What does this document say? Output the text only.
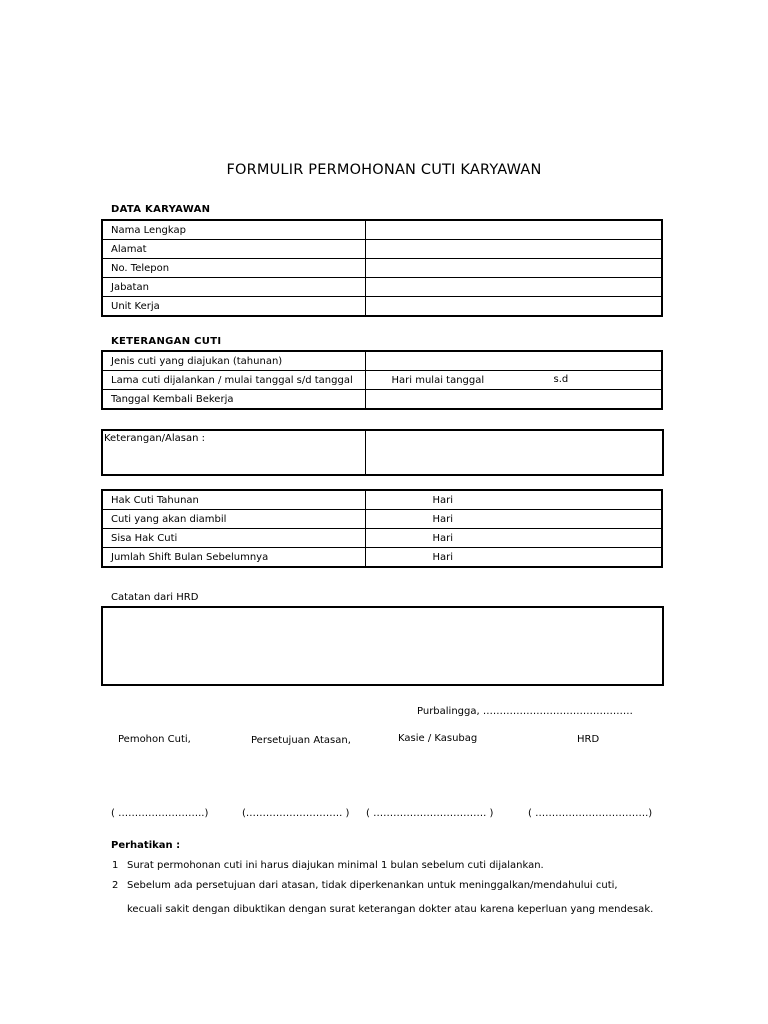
FORMULIR PERMOHONAN CUTI KARYAWAN
DATA KARYAWAN
Nama Lengkap	
Alamat	
No. Telepon	
Jabatan	
Unit Kerja	
KETERANGAN CUTI
Jenis cuti yang diajukan (tahunan)	
Lama cuti dijalankan / mulai tanggal s/d tanggal	Hari mulai tanggal s.d

Tanggal Kembali Bekerja	
Keterangan/Alasan :
Hak Cuti Tahunan	Hari
Cuti yang akan diambil	Hari
Sisa Hak Cuti	Hari
Jumlah Shift Bulan Sebelumnya	Hari
Catatan dari HRD
Purbalingga, ………………………………………
Pemohon Cuti,	Persetujuan Atasan,	Kasie / Kasubag	HRD
( ……………………..)	(……………………….. ) ( ……………………………. )	( …………………………….)
Perhatikan :
1 Surat permohonan cuti ini harus diajukan minimal 1 bulan sebelum cuti dijalankan.
2 Sebelum ada persetujuan dari atasan, tidak diperkenankan untuk meninggalkan/mendahului cuti,
kecuali sakit dengan dibuktikan dengan surat keterangan dokter atau karena keperluan yang mendesak.
